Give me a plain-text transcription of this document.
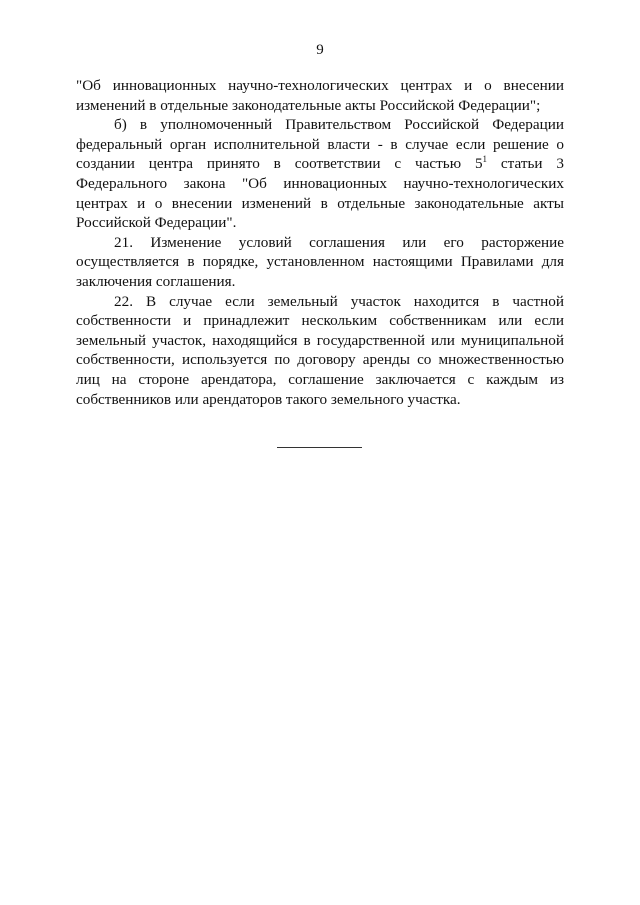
9

"Об инновационных научно-технологических центрах и о внесении изменений в отдельные законодательные акты Российской Федерации";

б) в уполномоченный Правительством Российской Федерации федеральный орган исполнительной власти - в случае если решение о создании центра принято в соответствии с частью $5^1$ статьи 3 Федерального закона "Об инновационных научно-технологических центрах и о внесении изменений в отдельные законодательные акты Российской Федерации".

21. Изменение условий соглашения или его расторжение осуществляется в порядке, установленном настоящими Правилами для заключения соглашения.

22. В случае если земельный участок находится в частной собственности и принадлежит нескольким собственникам или если земельный участок, находящийся в государственной или муниципальной собственности, используется по договору аренды со множественностью лиц на стороне арендатора, соглашение заключается с каждым из собственников или арендаторов такого земельного участка.
